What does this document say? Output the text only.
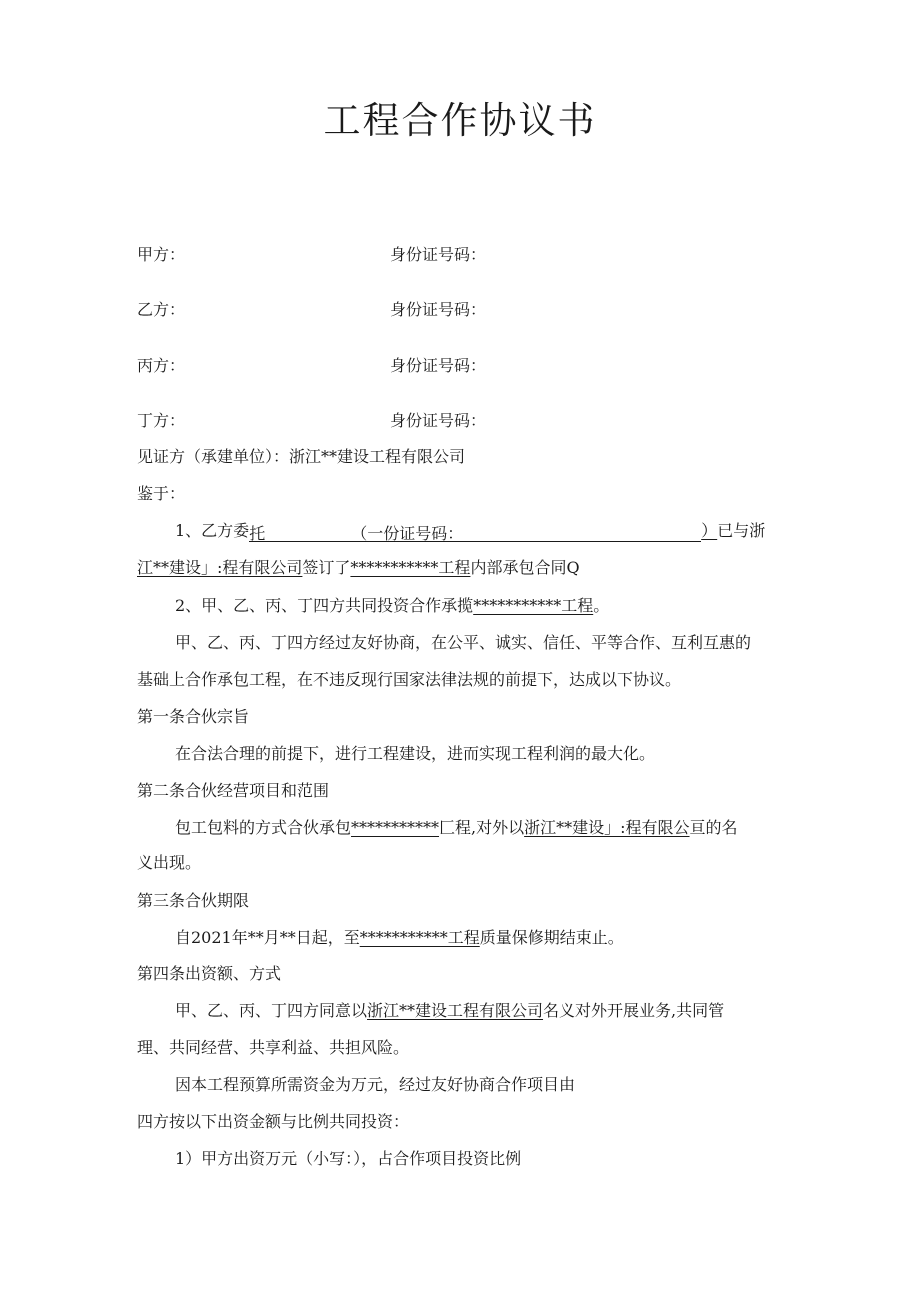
工程合作协议书
甲方：	身份证号码：
乙方：	身份证号码：
丙方：	身份证号码：
丁方：	身份证号码：
见证方（承建单位）：浙江**建设工程有限公司
鉴于：
1、乙方委托	（一份证号码：	）已与浙
江**建设」:程有限公司签订了***********工程内部承包合同Q
2、甲、乙、丙、丁四方共同投资合作承揽***********工程。
甲、乙、丙、丁四方经过友好协商，在公平、诚实、信任、平等合作、互利互惠的
基础上合作承包工程，在不违反现行国家法律法规的前提下，达成以下协议。
第一条合伙宗旨
在合法合理的前提下，进行工程建设，进而实现工程利润的最大化。
第二条合伙经营项目和范围
包工包料的方式合伙承包***********匚程,对外以浙江**建设」:程有限公亘的名
义出现。
第三条合伙期限
自2021年**月**日起，至***********工程质量保修期结束止。
第四条出资额、方式
甲、乙、丙、丁四方同意以浙江**建设工程有限公司名义对外开展业务,共同管
理、共同经营、共享利益、共担风险。
因本工程预算所需资金为万元，经过友好协商合作项目由
四方按以下出资金额与比例共同投资：
1）甲方出资万元（小写：），占合作项目投资比例
